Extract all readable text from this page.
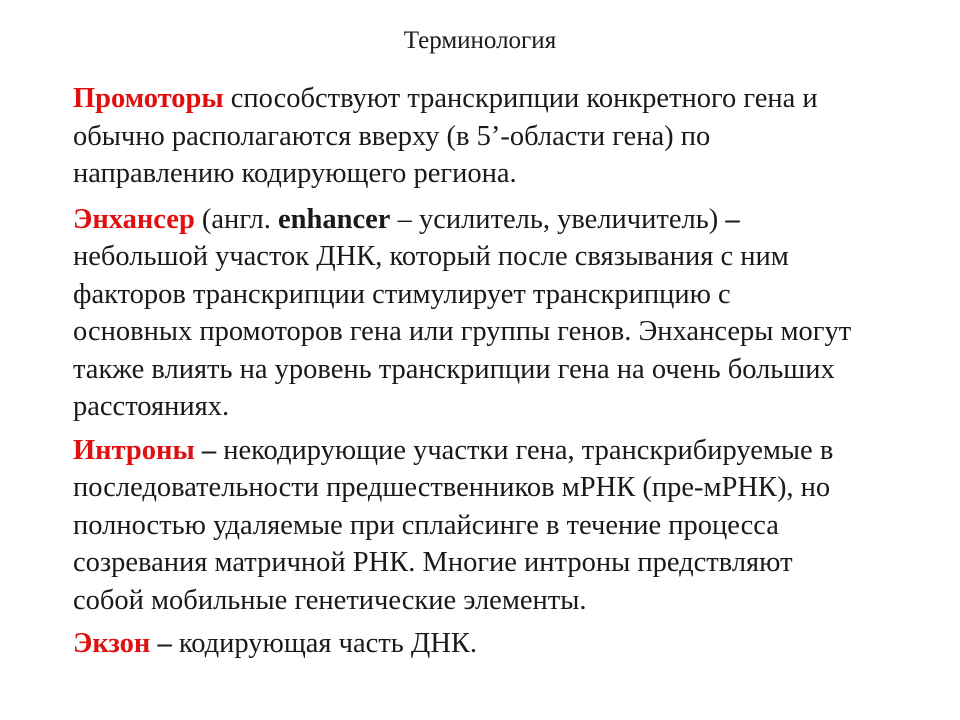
Терминология

Промоторы способствуют транскрипции конкретного гена и
обычно располагаются вверху (в 5’-области гена) по
направлению кодирующего региона.

Энхансер (англ. enhancer – усилитель, увеличитель) –
небольшой участок ДНК, который после связывания с ним
факторов транскрипции стимулирует транскрипцию с
основных промоторов гена или группы генов. Энхансеры могут
также влиять на уровень транскрипции гена на очень больших
расстояниях.

Интроны – некодирующие участки гена, транскрибируемые в
последовательности предшественников мРНК (пре-мРНК), но
полностью удаляемые при сплайсинге в течение процесса
созревания матричной РНК. Многие интроны предствляют
собой мобильные генетические элементы.

Экзон – кодирующая часть ДНК.
